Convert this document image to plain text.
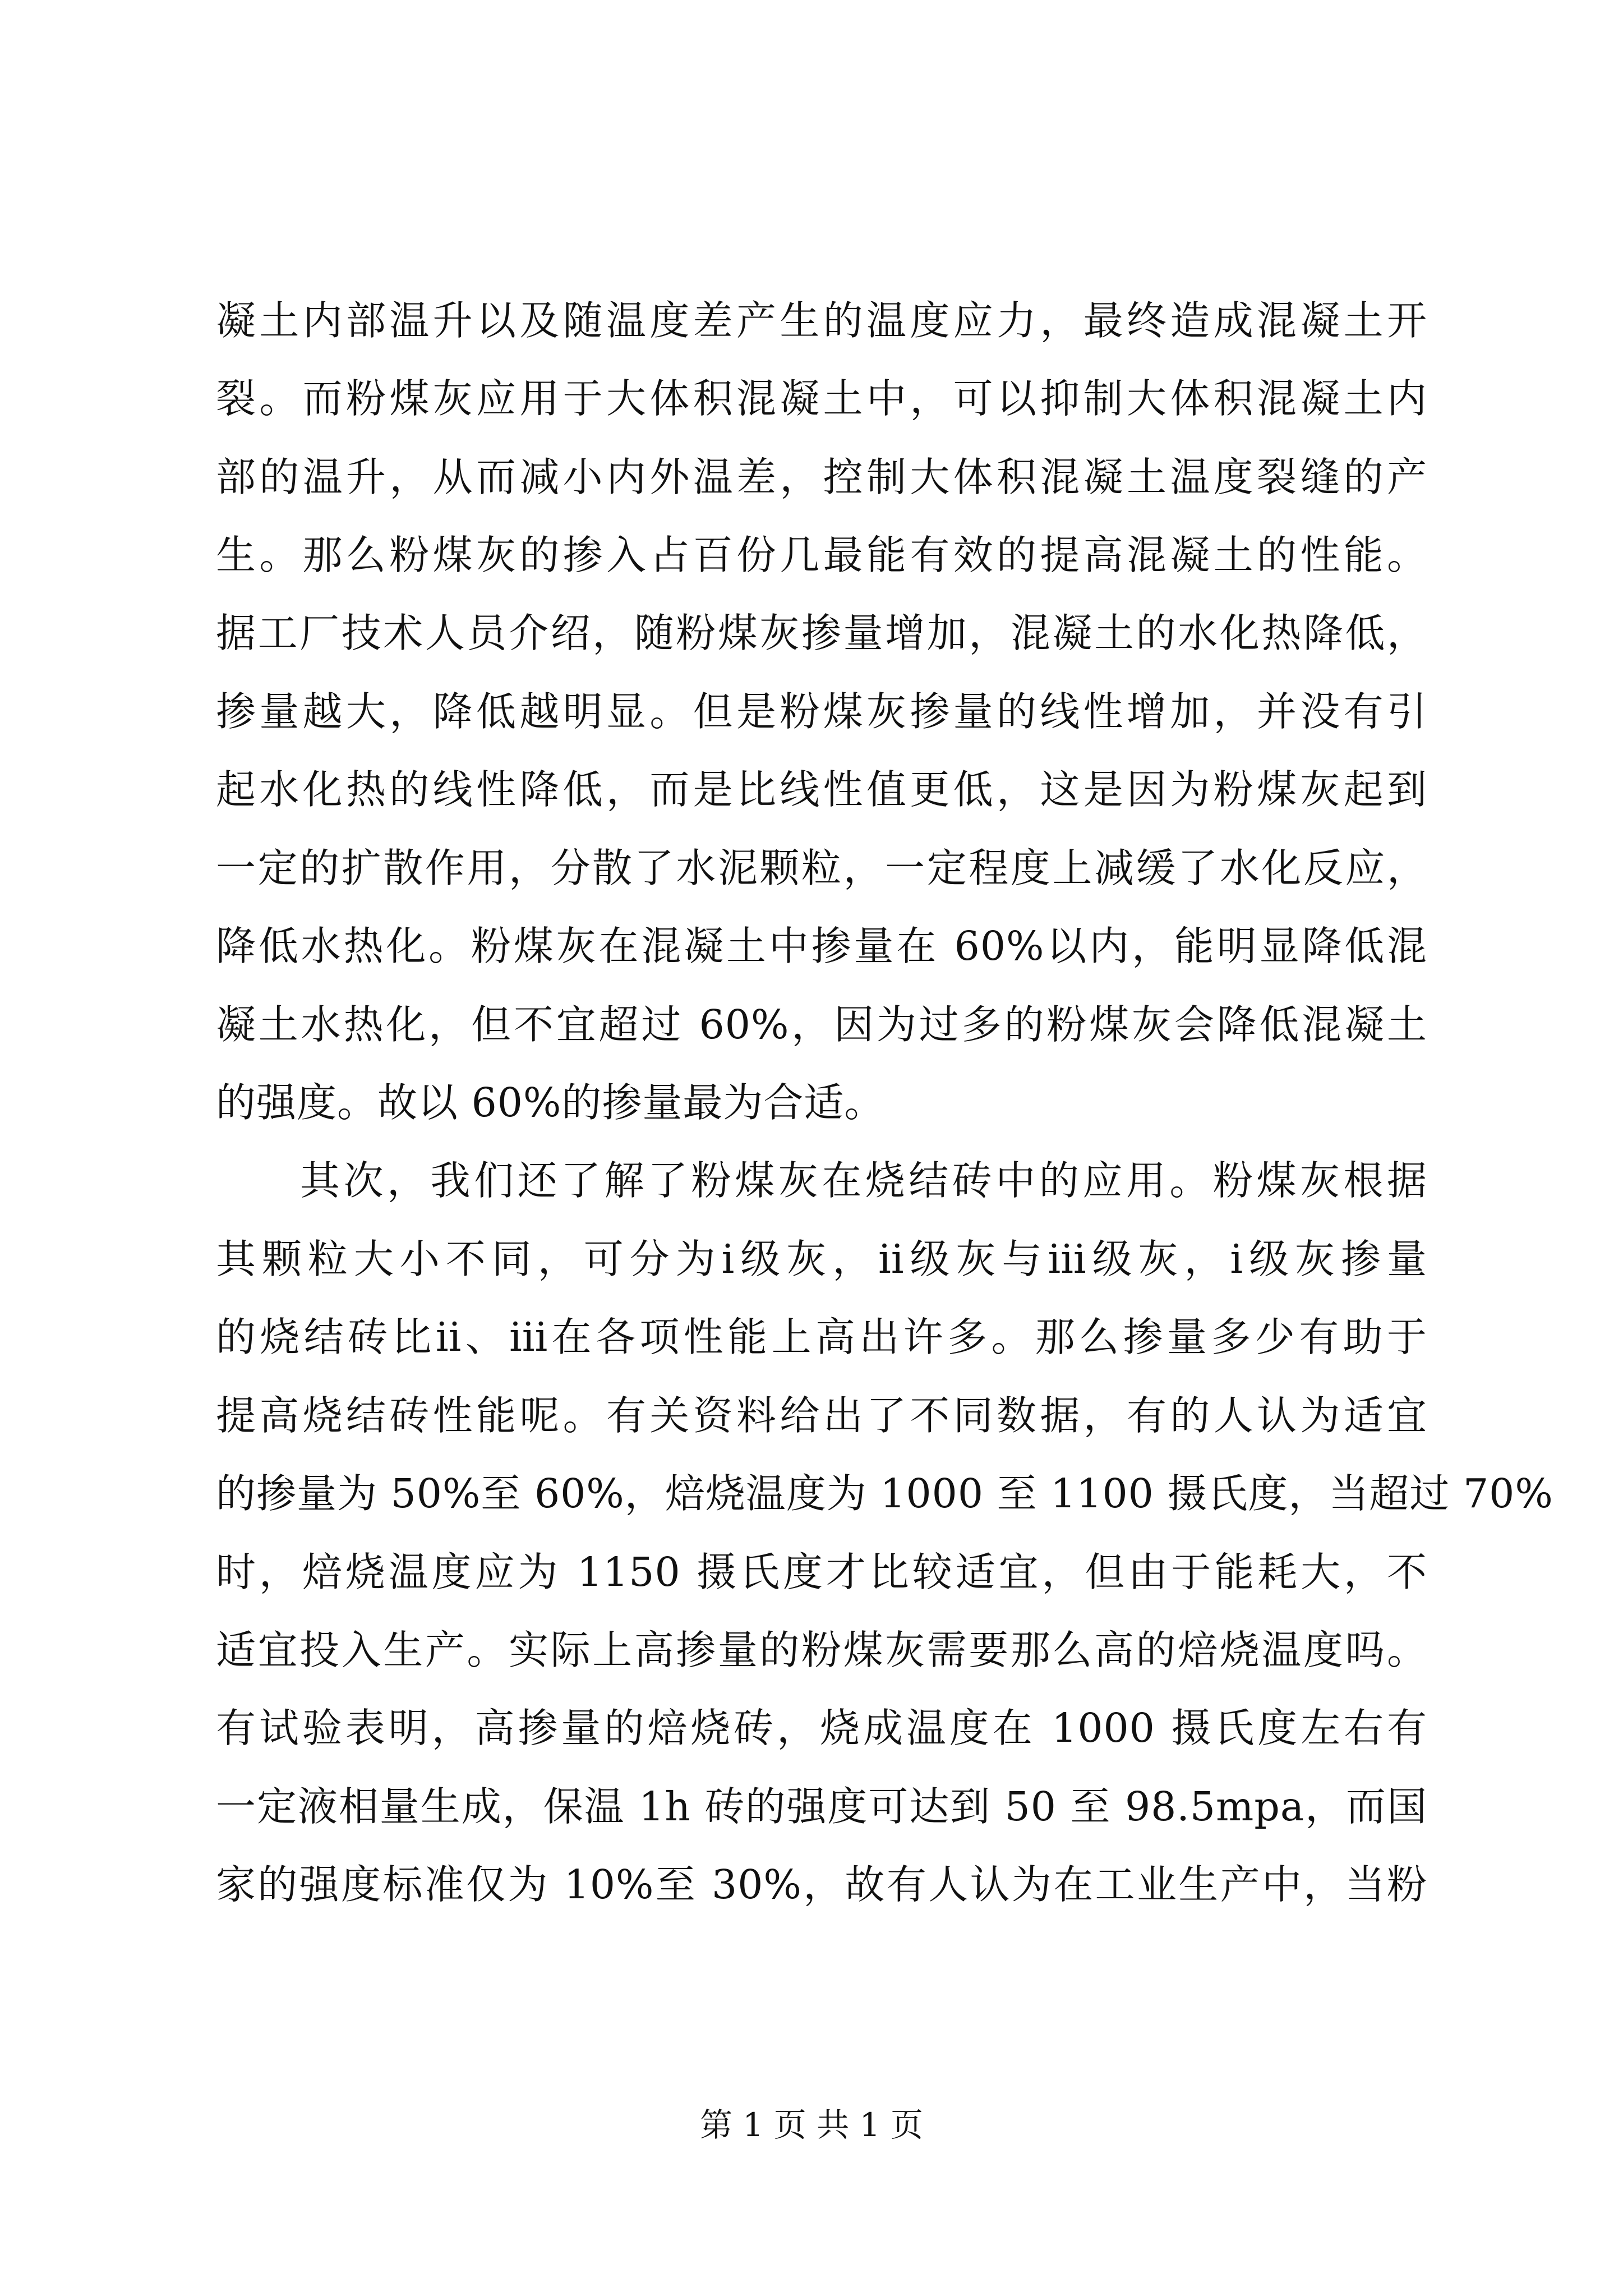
凝土内部温升以及随温度差产生的温度应力，最终造成混凝土开
裂。而粉煤灰应用于大体积混凝土中，可以抑制大体积混凝土内
部的温升，从而减小内外温差，控制大体积混凝土温度裂缝的产
生。那么粉煤灰的掺入占百份几最能有效的提高混凝土的性能。
据工厂技术人员介绍，随粉煤灰掺量增加，混凝土的水化热降低，
掺量越大，降低越明显。但是粉煤灰掺量的线性增加，并没有引
起水化热的线性降低，而是比线性值更低，这是因为粉煤灰起到
一定的扩散作用，分散了水泥颗粒，一定程度上减缓了水化反应，
降低水热化。粉煤灰在混凝土中掺量在 60%以内，能明显降低混
凝土水热化，但不宜超过 60%，因为过多的粉煤灰会降低混凝土
的强度。故以 60%的掺量最为合适。
其次，我们还了解了粉煤灰在烧结砖中的应用。粉煤灰根据
其颗粒大小不同，可分为ⅰ级灰，ⅱ级灰与ⅲ级灰，ⅰ级灰掺量
的烧结砖比ⅱ、ⅲ在各项性能上高出许多。那么掺量多少有助于
提高烧结砖性能呢。有关资料给出了不同数据，有的人认为适宜
的掺量为 50%至 60%，焙烧温度为 1000 至 1100 摄氏度，当超过 70%
时，焙烧温度应为 1150 摄氏度才比较适宜，但由于能耗大，不
适宜投入生产。实际上高掺量的粉煤灰需要那么高的焙烧温度吗。
有试验表明，高掺量的焙烧砖，烧成温度在 1000 摄氏度左右有
一定液相量生成，保温 1h 砖的强度可达到 50 至 98.5mpa，而国
家的强度标准仅为 10%至 30%，故有人认为在工业生产中，当粉
第 1 页 共 1 页
